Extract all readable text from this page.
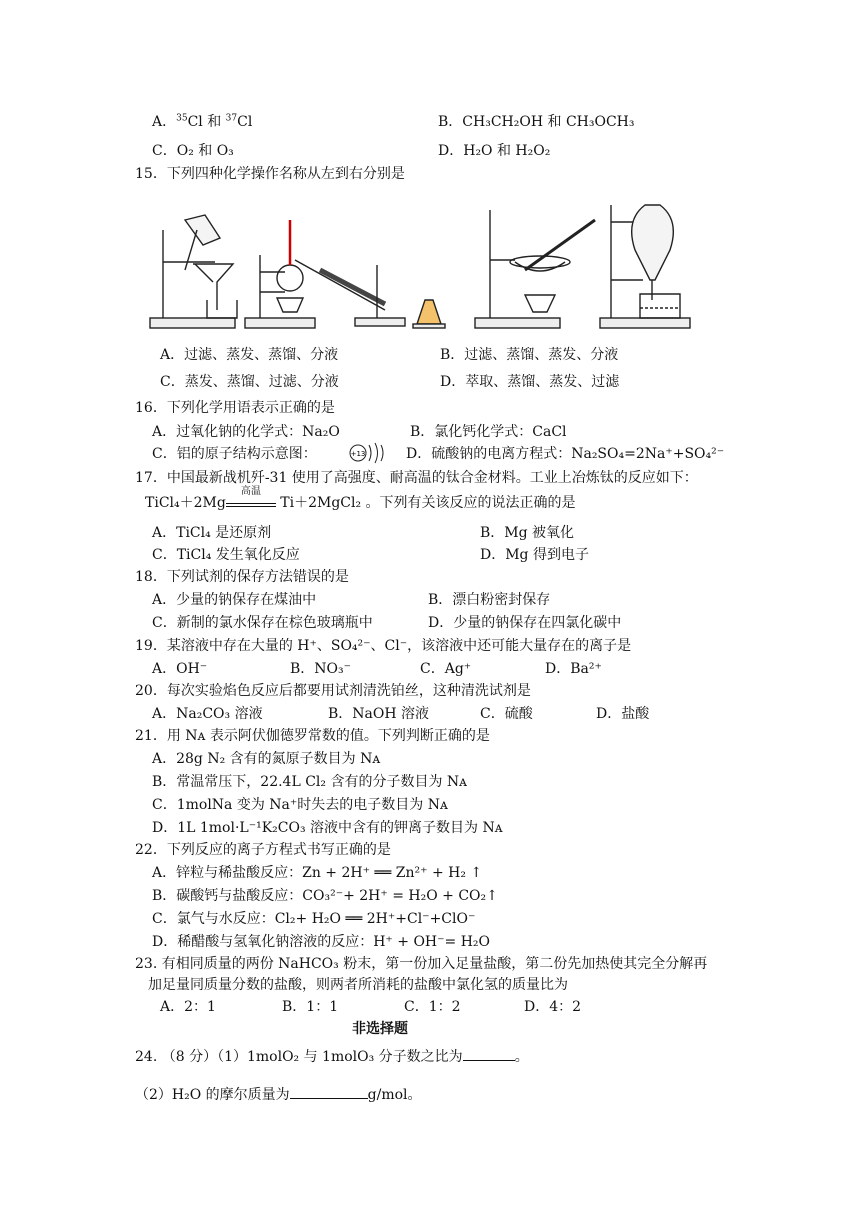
A．$^{35}$Cl 和 $^{37}$Cl	B．CH₃CH₂OH 和 CH₃OCH₃
C．O₂ 和 O₃	D．H₂O 和 H₂O₂
15．下列四种化学操作名称从左到右分别是
A．过滤、蒸发、蒸馏、分液	B．过滤、蒸馏、蒸发、分液
C．蒸发、蒸馏、过滤、分液	D．萃取、蒸馏、蒸发、过滤
16．下列化学用语表示正确的是
A．过氧化钠的化学式：Na₂O	B．氯化钙化学式：CaCl
C．铝的原子结构示意图：	+13	D．硫酸钠的电离方程式：Na₂SO₄=2Na⁺+SO₄²⁻
17．中国最新战机歼-31 使用了高强度、耐高温的钛合金材料。工业上冶炼钛的反应如下：
TiCl₄＋2Mg
高温
Ti＋2MgCl₂ 。下列有关该反应的说法正确的是
A．TiCl₄ 是还原剂	B．Mg 被氧化
C．TiCl₄ 发生氧化反应	D．Mg 得到电子
18．下列试剂的保存方法错误的是
A．少量的钠保存在煤油中	B．漂白粉密封保存
C．新制的氯水保存在棕色玻璃瓶中	D．少量的钠保存在四氯化碳中
19．某溶液中存在大量的 H⁺、SO₄²⁻、Cl⁻，该溶液中还可能大量存在的离子是
A．OH⁻	B．NO₃⁻	C．Ag⁺	D．Ba²⁺
20．每次实验焰色反应后都要用试剂清洗铂丝，这种清洗试剂是
A．Na₂CO₃ 溶液	B．NaOH 溶液	C．硫酸	D．盐酸
21．用 Nᴀ 表示阿伏伽德罗常数的值。下列判断正确的是
A．28g N₂ 含有的氮原子数目为 Nᴀ
B．常温常压下，22.4L Cl₂ 含有的分子数目为 Nᴀ
C．1molNa 变为 Na⁺时失去的电子数目为 Nᴀ
D．1L 1mol·L⁻¹K₂CO₃ 溶液中含有的钾离子数目为 Nᴀ
22．下列反应的离子方程式书写正确的是
A．锌粒与稀盐酸反应：Zn + 2H⁺ ══ Zn²⁺ + H₂ ↑
B．碳酸钙与盐酸反应：CO₃²⁻+ 2H⁺ = H₂O + CO₂↑
C．氯气与水反应：Cl₂+ H₂O ══ 2H⁺+Cl⁻+ClO⁻
D．稀醋酸与氢氧化钠溶液的反应：H⁺ + OH⁻= H₂O
23. 有相同质量的两份 NaHCO₃ 粉末，第一份加入足量盐酸，第二份先加热使其完全分解再
加足量同质量分数的盐酸，则两者所消耗的盐酸中氯化氢的质量比为
A．2：1	B．1：1	C．1：2	D．4：2
非选择题
24. （8 分）（1）1molO₂ 与 1molO₃ 分子数之比为	。
（2）H₂O 的摩尔质量为	g/mol。
